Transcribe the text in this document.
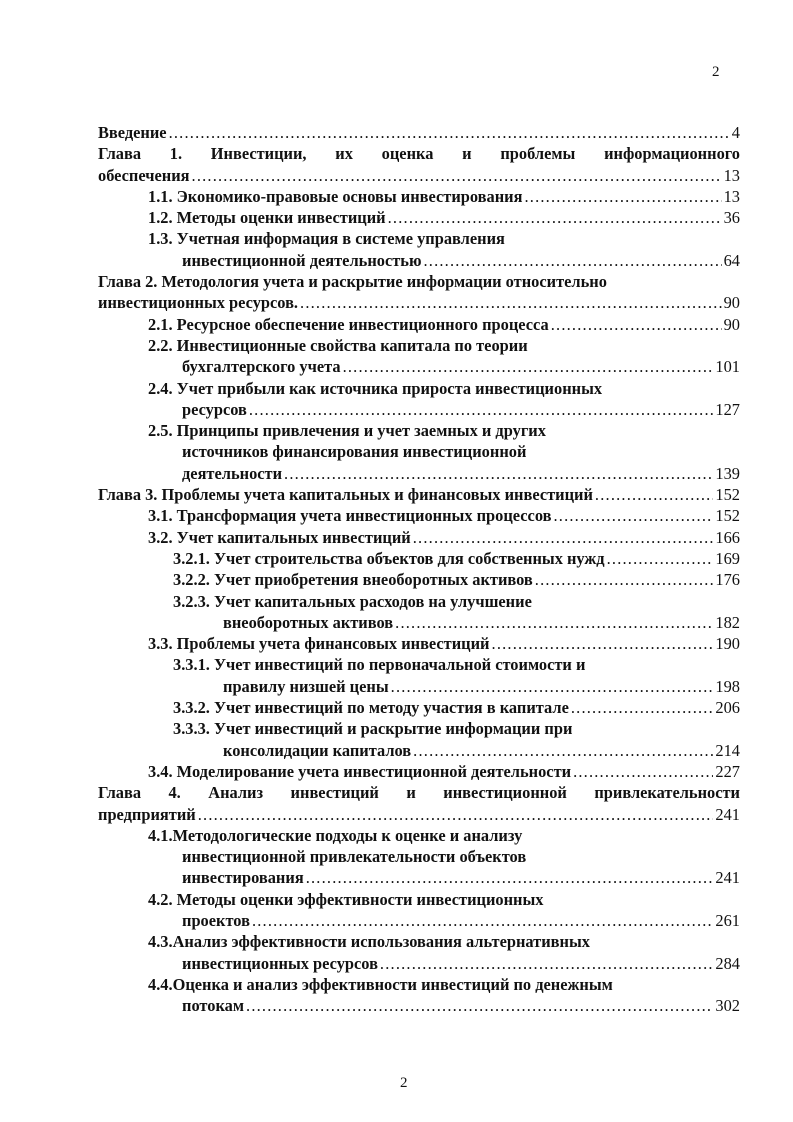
2
Введение .....	4
Глава 1. Инвестиции, их оценка и проблемы информационного
обеспечения .....	13
1.1. Экономико-правовые основы инвестирования .....	13
1.2. Методы оценки инвестиций .....	36
1.3. Учетная информация в системе управления
инвестиционной деятельностью .....	64
Глава 2. Методология учета и раскрытие информации относительно
инвестиционных ресурсов. .....	90
2.1. Ресурсное обеспечение инвестиционного процесса .....	90
2.2. Инвестиционные свойства капитала по теории
бухгалтерского учета .....	101
2.4. Учет прибыли как источника прироста инвестиционных
ресурсов .....	127
2.5. Принципы привлечения и учет заемных и других
источников финансирования инвестиционной
деятельности .....	139
Глава 3. Проблемы учета капитальных и финансовых инвестиций .....	152
3.1. Трансформация учета инвестиционных процессов .....	152
3.2. Учет капитальных инвестиций .....	166
3.2.1. Учет строительства объектов для собственных нужд .....	169
3.2.2. Учет приобретения внеоборотных активов .....	176
3.2.3. Учет капитальных расходов на улучшение
внеоборотных активов .....	182
3.3. Проблемы учета финансовых инвестиций .....	190
3.3.1. Учет инвестиций по первоначальной стоимости и
правилу низшей цены .....	198
3.3.2. Учет инвестиций по методу участия в капитале .....	206
3.3.3. Учет инвестиций и раскрытие информации при
консолидации капиталов .....	214
3.4. Моделирование учета инвестиционной деятельности .....	227
Глава 4. Анализ инвестиций и инвестиционной привлекательности
предприятий .....	241
4.1.Методологические подходы к оценке и анализу
инвестиционной привлекательности объектов
инвестирования .....	241
4.2. Методы оценки эффективности инвестиционных
проектов .....	261
4.3.Анализ эффективности использования альтернативных
инвестиционных ресурсов .....	284
4.4.Оценка и анализ эффективности инвестиций по денежным
потокам .....	302
2
